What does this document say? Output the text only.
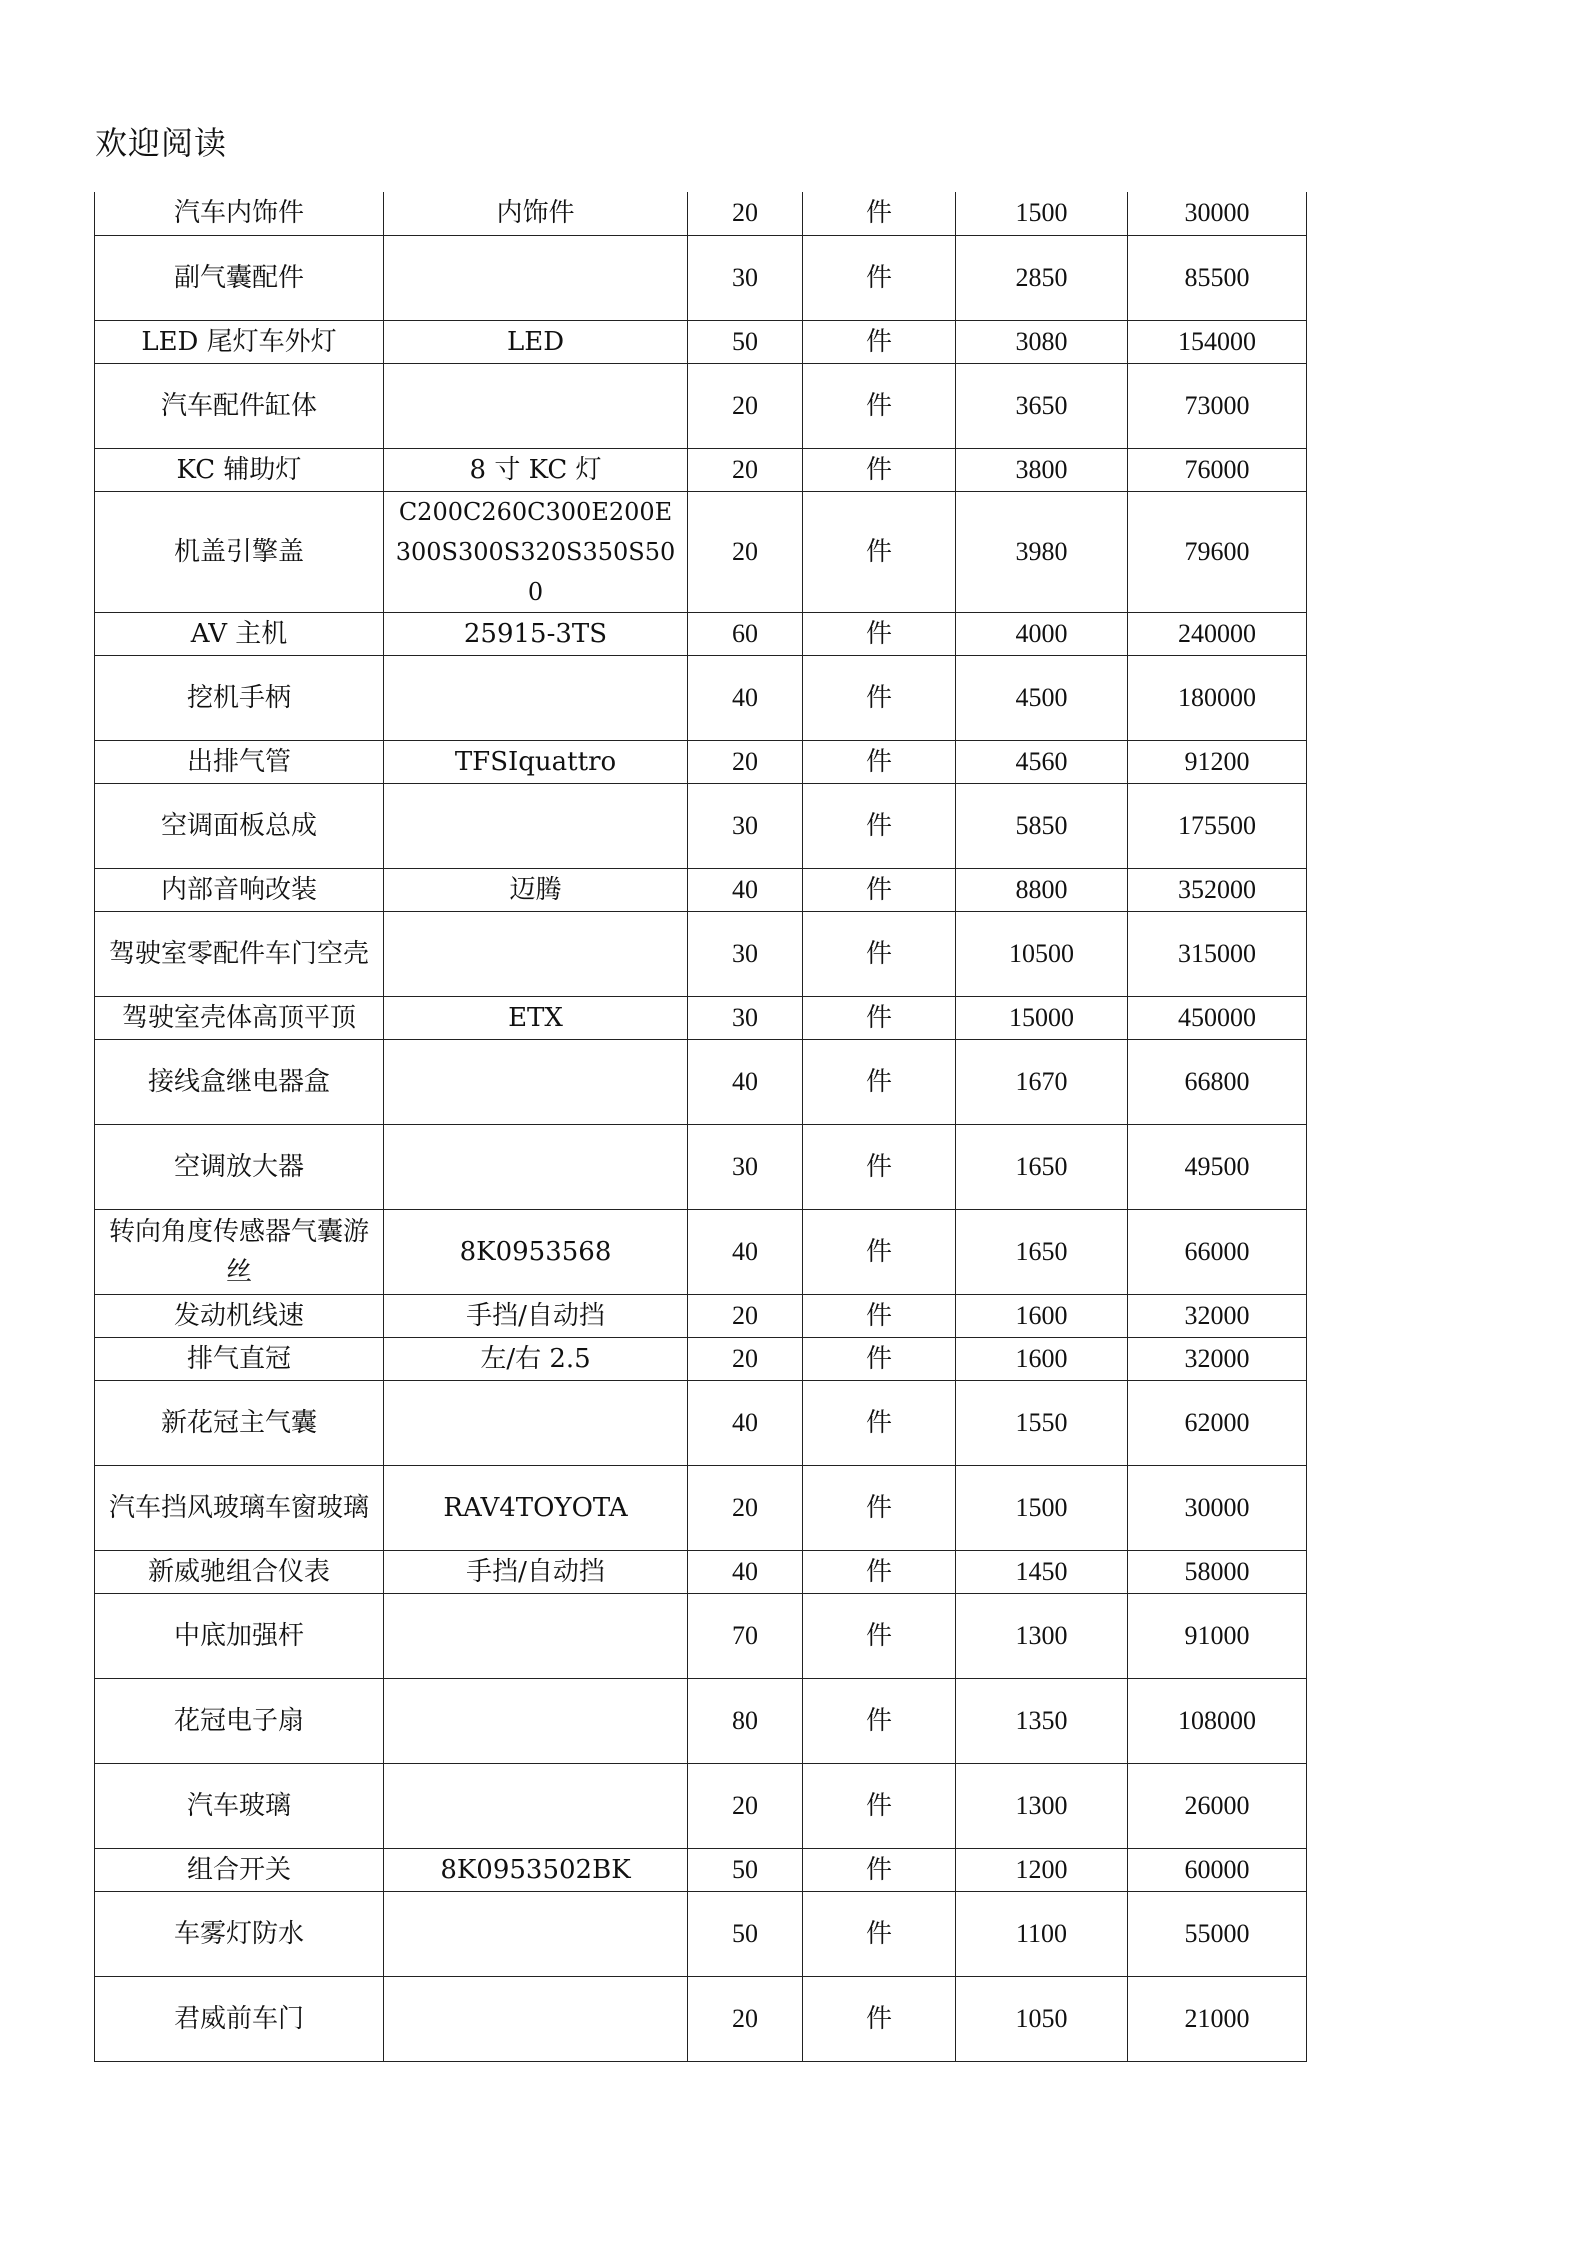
欢迎阅读
汽车内饰件	内饰件	20	件	1500	30000
副气囊配件		30	件	2850	85500
LED 尾灯车外灯	LED	50	件	3080	154000
汽车配件缸体		20	件	3650	73000
KC 辅助灯	8 寸 KC 灯	20	件	3800	76000
机盖引擎盖	C200C260C300E200E300S300S320S350S500	20	件	3980	79600
AV 主机	25915-3TS	60	件	4000	240000
挖机手柄		40	件	4500	180000
出排气管	TFSIquattro	20	件	4560	91200
空调面板总成		30	件	5850	175500
内部音响改装	迈腾	40	件	8800	352000
驾驶室零配件车门空壳		30	件	10500	315000
驾驶室壳体高顶平顶	ETX	30	件	15000	450000
接线盒继电器盒		40	件	1670	66800
空调放大器		30	件	1650	49500
转向角度传感器气囊游丝	8K0953568	40	件	1650	66000
发动机线速	手挡/自动挡	20	件	1600	32000
排气直冠	左/右 2.5	20	件	1600	32000
新花冠主气囊		40	件	1550	62000
汽车挡风玻璃车窗玻璃	RAV4TOYOTA	20	件	1500	30000
新威驰组合仪表	手挡/自动挡	40	件	1450	58000
中底加强杆		70	件	1300	91000
花冠电子扇		80	件	1350	108000
汽车玻璃		20	件	1300	26000
组合开关	8K0953502BK	50	件	1200	60000
车雾灯防水		50	件	1100	55000
君威前车门		20	件	1050	21000
